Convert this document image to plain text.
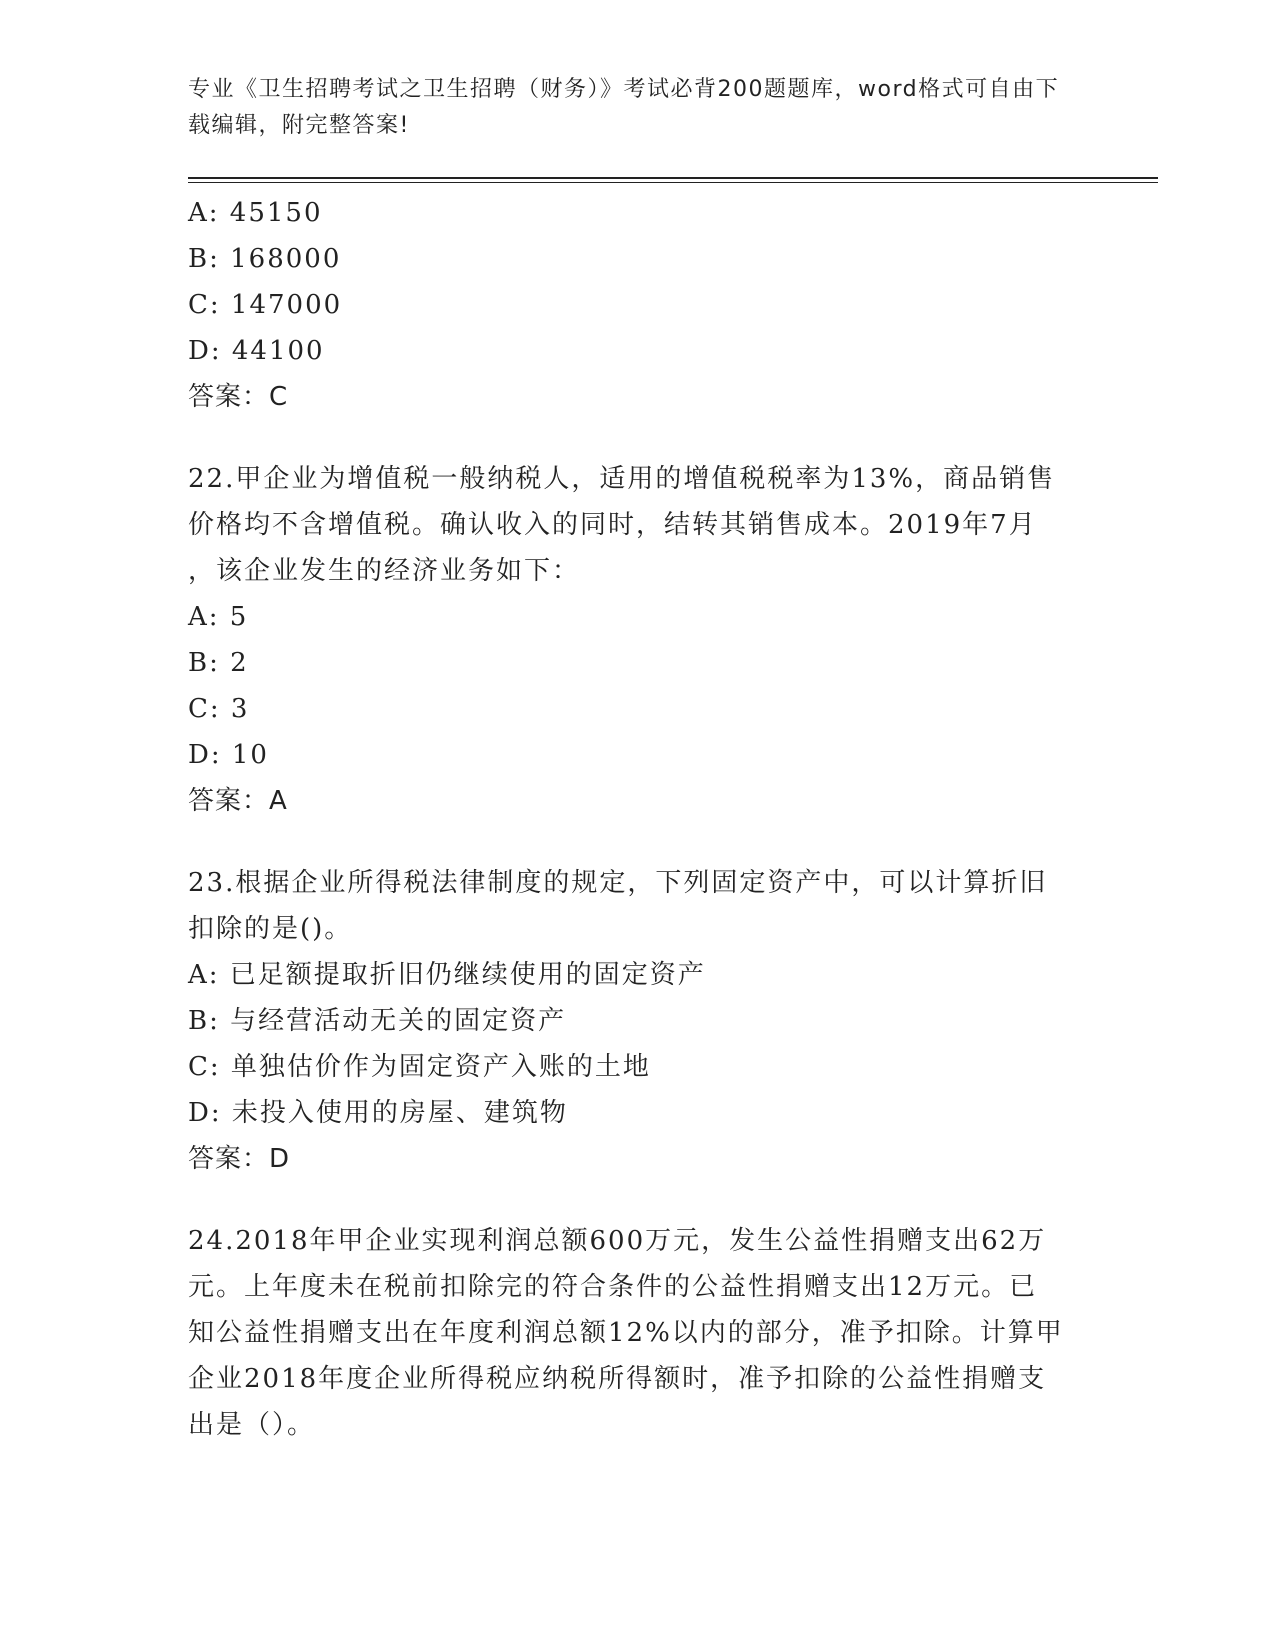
专业《卫生招聘考试之卫生招聘（财务）》考试必背200题题库，word格式可自由下载编辑，附完整答案!
A: 45150
B: 168000
C: 147000
D: 44100
答案：C
22.甲企业为增值税一般纳税人，适用的增值税税率为13%，商品销售
价格均不含增值税。确认收入的同时，结转其销售成本。2019年7月
，该企业发生的经济业务如下：
A: 5
B: 2
C: 3
D: 10
答案：A
23.根据企业所得税法律制度的规定，下列固定资产中，可以计算折旧
扣除的是()。
A: 已足额提取折旧仍继续使用的固定资产
B: 与经营活动无关的固定资产
C: 单独估价作为固定资产入账的土地
D: 未投入使用的房屋、建筑物
答案：D
24.2018年甲企业实现利润总额600万元，发生公益性捐赠支出62万
元。上年度未在税前扣除完的符合条件的公益性捐赠支出12万元。已
知公益性捐赠支出在年度利润总额12%以内的部分，准予扣除。计算甲
企业2018年度企业所得税应纳税所得额时，准予扣除的公益性捐赠支
出是（）。
